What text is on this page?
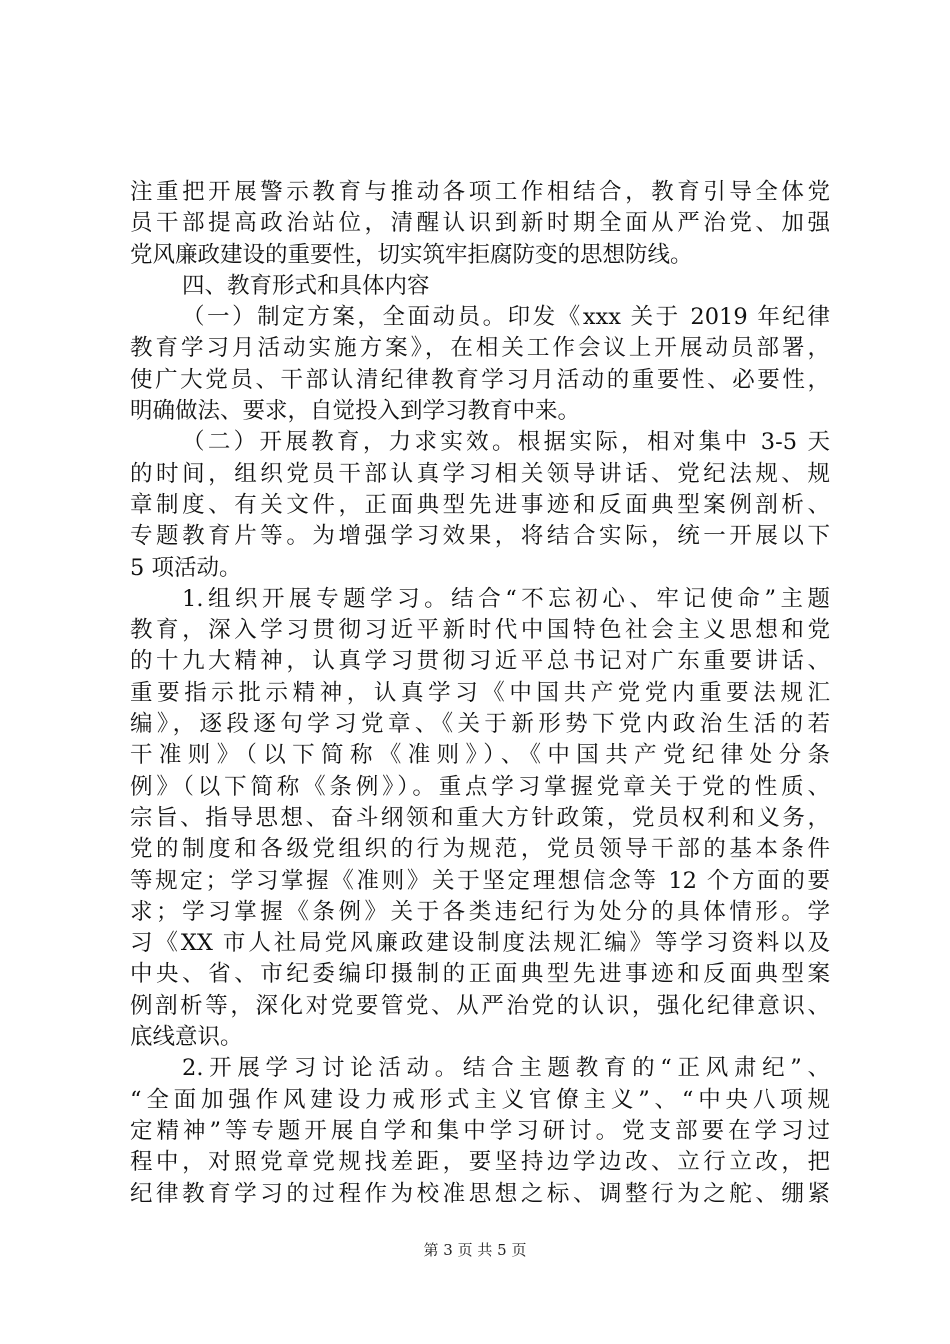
注重把开展警示教育与推动各项工作相结合，教育引导全体党
员干部提高政治站位，清醒认识到新时期全面从严治党、加强
党风廉政建设的重要性，切实筑牢拒腐防变的思想防线。
四、教育形式和具体内容
（一）制定方案，全面动员。印发《xxx 关于 2019 年纪律
教育学习月活动实施方案》，在相关工作会议上开展动员部署，
使广大党员、干部认清纪律教育学习月活动的重要性、必要性，
明确做法、要求，自觉投入到学习教育中来。
（二）开展教育，力求实效。根据实际，相对集中 3-5 天
的时间，组织党员干部认真学习相关领导讲话、党纪法规、规
章制度、有关文件，正面典型先进事迹和反面典型案例剖析、
专题教育片等。为增强学习效果，将结合实际，统一开展以下
5 项活动。
1.组织开展专题学习。结合“不忘初心、牢记使命”主题
教育，深入学习贯彻习近平新时代中国特色社会主义思想和党
的十九大精神，认真学习贯彻习近平总书记对广东重要讲话、
重要指示批示精神，认真学习《中国共产党党内重要法规汇
编》，逐段逐句学习党章、《关于新形势下党内政治生活的若
干准则》（以下简称《准则》）、《中国共产党纪律处分条
例》（以下简称《条例》）。重点学习掌握党章关于党的性质、
宗旨、指导思想、奋斗纲领和重大方针政策，党员权利和义务，
党的制度和各级党组织的行为规范，党员领导干部的基本条件
等规定；学习掌握《准则》关于坚定理想信念等 12 个方面的要
求；学习掌握《条例》关于各类违纪行为处分的具体情形。学
习《XX 市人社局党风廉政建设制度法规汇编》等学习资料以及
中央、省、市纪委编印摄制的正面典型先进事迹和反面典型案
例剖析等，深化对党要管党、从严治党的认识，强化纪律意识、
底线意识。
2.开展学习讨论活动。结合主题教育的“正风肃纪”、
“全面加强作风建设力戒形式主义官僚主义”、“中央八项规
定精神”等专题开展自学和集中学习研讨。党支部要在学习过
程中，对照党章党规找差距，要坚持边学边改、立行立改，把
纪律教育学习的过程作为校准思想之标、调整行为之舵、绷紧
第 3 页 共 5 页
